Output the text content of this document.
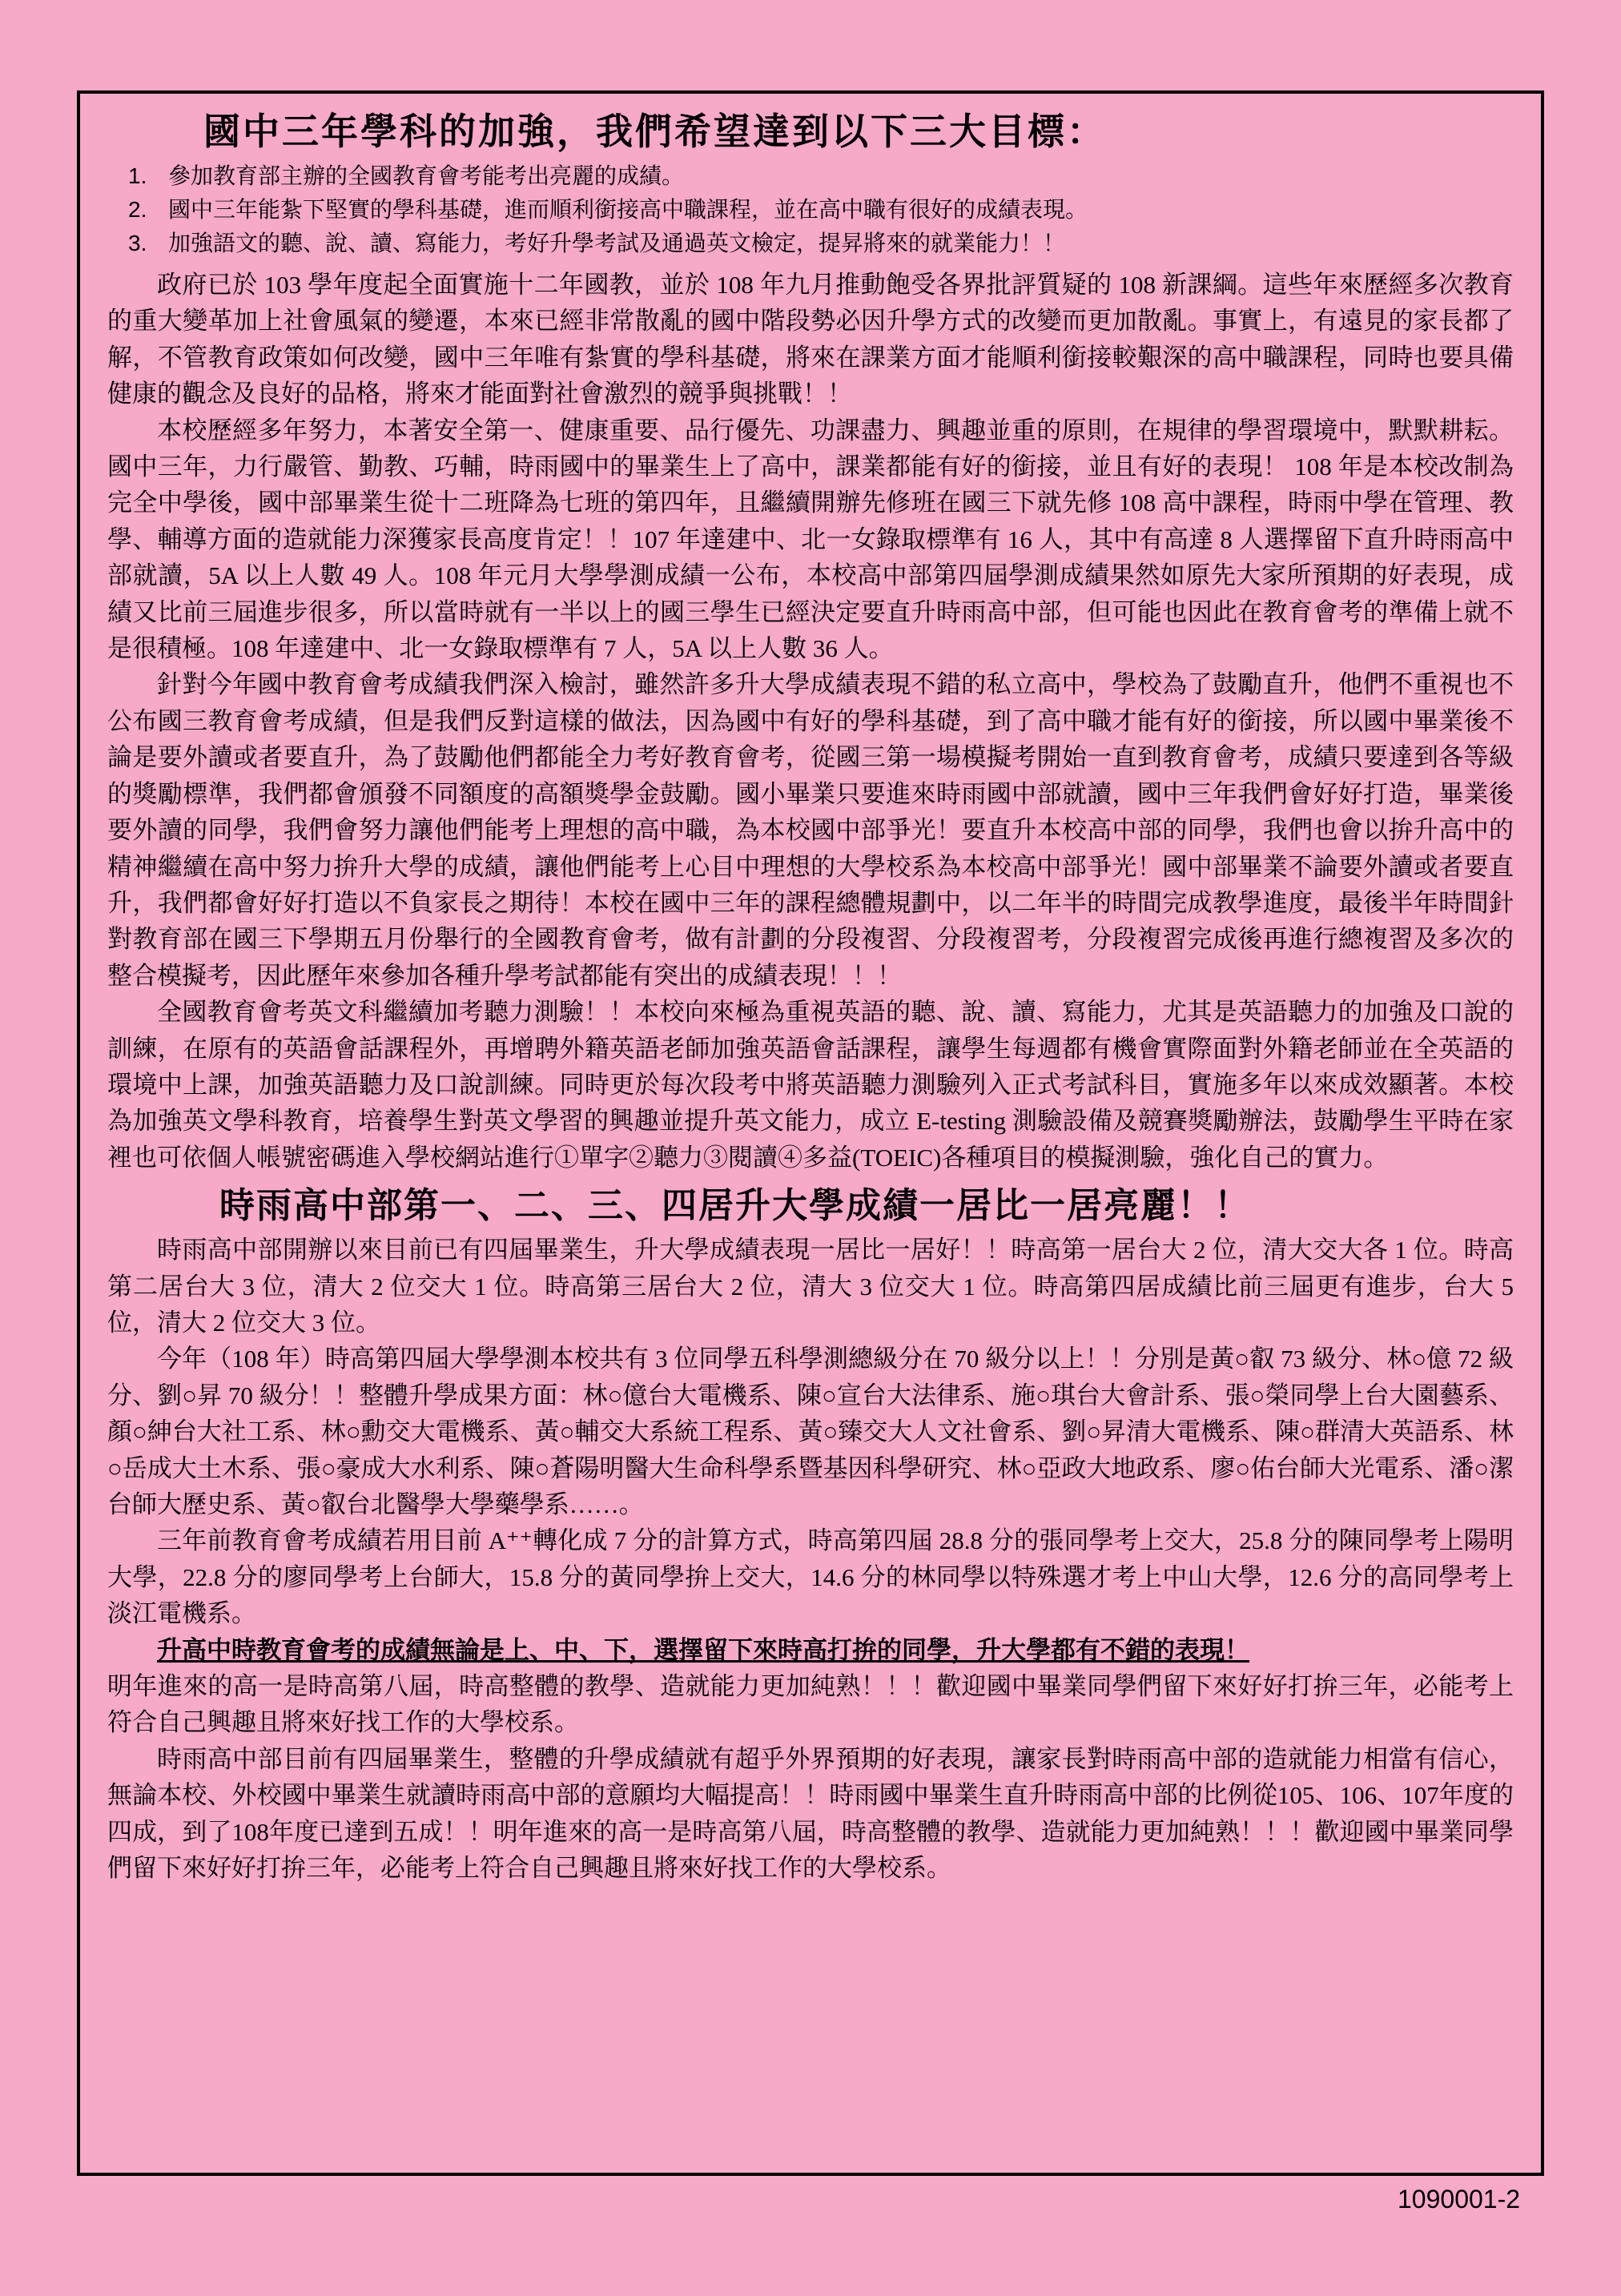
國中三年學科的加強，我們希望達到以下三大目標：
1. 參加教育部主辦的全國教育會考能考出亮麗的成績。
2. 國中三年能紮下堅實的學科基礎，進而順利銜接高中職課程，並在高中職有很好的成績表現。
3. 加強語文的聽、說、讀、寫能力，考好升學考試及通過英文檢定，提昇將來的就業能力！！

政府已於 103 學年度起全面實施十二年國教，並於 108 年九月推動飽受各界批評質疑的 108 新課綱。這些年來歷經多次教育的重大變革加上社會風氣的變遷，本來已經非常散亂的國中階段勢必因升學方式的改變而更加散亂。事實上，有遠見的家長都了解，不管教育政策如何改變，國中三年唯有紮實的學科基礎，將來在課業方面才能順利銜接較艱深的高中職課程，同時也要具備健康的觀念及良好的品格，將來才能面對社會激烈的競爭與挑戰！！

本校歷經多年努力，本著安全第一、健康重要、品行優先、功課盡力、興趣並重的原則，在規律的學習環境中，默默耕耘。國中三年，力行嚴管、勤教、巧輔，時雨國中的畢業生上了高中，課業都能有好的銜接，並且有好的表現！ 108 年是本校改制為完全中學後，國中部畢業生從十二班降為七班的第四年，且繼續開辦先修班在國三下就先修 108 高中課程，時雨中學在管理、教學、輔導方面的造就能力深獲家長高度肯定！！107 年達建中、北一女錄取標準有 16 人，其中有高達 8 人選擇留下直升時雨高中部就讀，5A 以上人數 49 人。108 年元月大學學測成績一公布，本校高中部第四屆學測成績果然如原先大家所預期的好表現，成績又比前三屆進步很多，所以當時就有一半以上的國三學生已經決定要直升時雨高中部，但可能也因此在教育會考的準備上就不是很積極。108 年達建中、北一女錄取標準有 7 人，5A 以上人數 36 人。

針對今年國中教育會考成績我們深入檢討，雖然許多升大學成績表現不錯的私立高中，學校為了鼓勵直升，他們不重視也不公布國三教育會考成績，但是我們反對這樣的做法，因為國中有好的學科基礎，到了高中職才能有好的銜接，所以國中畢業後不論是要外讀或者要直升，為了鼓勵他們都能全力考好教育會考，從國三第一場模擬考開始一直到教育會考，成績只要達到各等級的獎勵標準，我們都會頒發不同額度的高額獎學金鼓勵。國小畢業只要進來時雨國中部就讀，國中三年我們會好好打造，畢業後要外讀的同學，我們會努力讓他們能考上理想的高中職，為本校國中部爭光！要直升本校高中部的同學，我們也會以拚升高中的精神繼續在高中努力拚升大學的成績，讓他們能考上心目中理想的大學校系為本校高中部爭光！國中部畢業不論要外讀或者要直升，我們都會好好打造以不負家長之期待！本校在國中三年的課程總體規劃中，以二年半的時間完成教學進度，最後半年時間針對教育部在國三下學期五月份舉行的全國教育會考，做有計劃的分段複習、分段複習考，分段複習完成後再進行總複習及多次的整合模擬考，因此歷年來參加各種升學考試都能有突出的成績表現！！！

全國教育會考英文科繼續加考聽力測驗！！本校向來極為重視英語的聽、說、讀、寫能力，尤其是英語聽力的加強及口說的訓練，在原有的英語會話課程外，再增聘外籍英語老師加強英語會話課程，讓學生每週都有機會實際面對外籍老師並在全英語的環境中上課，加強英語聽力及口說訓練。同時更於每次段考中將英語聽力測驗列入正式考試科目，實施多年以來成效顯著。本校為加強英文學科教育，培養學生對英文學習的興趣並提升英文能力，成立 E-testing 測驗設備及競賽獎勵辦法，鼓勵學生平時在家裡也可依個人帳號密碼進入學校網站進行①單字②聽力③閱讀④多益(TOEIC)各種項目的模擬測驗，強化自己的實力。

時雨高中部第一、二、三、四居升大學成績一居比一居亮麗！！

時雨高中部開辦以來目前已有四屆畢業生，升大學成績表現一居比一居好！！時高第一居台大 2 位，清大交大各 1 位。時高第二居台大 3 位，清大 2 位交大 1 位。時高第三居台大 2 位，清大 3 位交大 1 位。時高第四居成績比前三屆更有進步，台大 5 位，清大 2 位交大 3 位。

今年（108 年）時高第四屆大學學測本校共有 3 位同學五科學測總級分在 70 級分以上！！分別是黃○叡 73 級分、林○億 72 級分、劉○昇 70 級分！！整體升學成果方面：林○億台大電機系、陳○宣台大法律系、施○琪台大會計系、張○榮同學上台大園藝系、顏○紳台大社工系、林○勳交大電機系、黃○輔交大系統工程系、黃○臻交大人文社會系、劉○昇清大電機系、陳○群清大英語系、林○岳成大土木系、張○豪成大水利系、陳○蒼陽明醫大生命科學系暨基因科學研究、林○亞政大地政系、廖○佑台師大光電系、潘○潔台師大歷史系、黃○叡台北醫學大學藥學系……。

三年前教育會考成績若用目前 A⁺⁺轉化成 7 分的計算方式，時高第四屆 28.8 分的張同學考上交大，25.8 分的陳同學考上陽明大學，22.8 分的廖同學考上台師大，15.8 分的黃同學拚上交大，14.6 分的林同學以特殊選才考上中山大學，12.6 分的高同學考上淡江電機系。

升高中時教育會考的成績無論是上、中、下，選擇留下來時高打拚的同學，升大學都有不錯的表現！

明年進來的高一是時高第八屆，時高整體的教學、造就能力更加純熟！！！歡迎國中畢業同學們留下來好好打拚三年，必能考上符合自己興趣且將來好找工作的大學校系。

時雨高中部目前有四屆畢業生，整體的升學成績就有超乎外界預期的好表現，讓家長對時雨高中部的造就能力相當有信心，無論本校、外校國中畢業生就讀時雨高中部的意願均大幅提高！！時雨國中畢業生直升時雨高中部的比例從105、106、107年度的四成，到了108年度已達到五成！！明年進來的高一是時高第八屆，時高整體的教學、造就能力更加純熟！！！歡迎國中畢業同學們留下來好好打拚三年，必能考上符合自己興趣且將來好找工作的大學校系。

1090001-2
